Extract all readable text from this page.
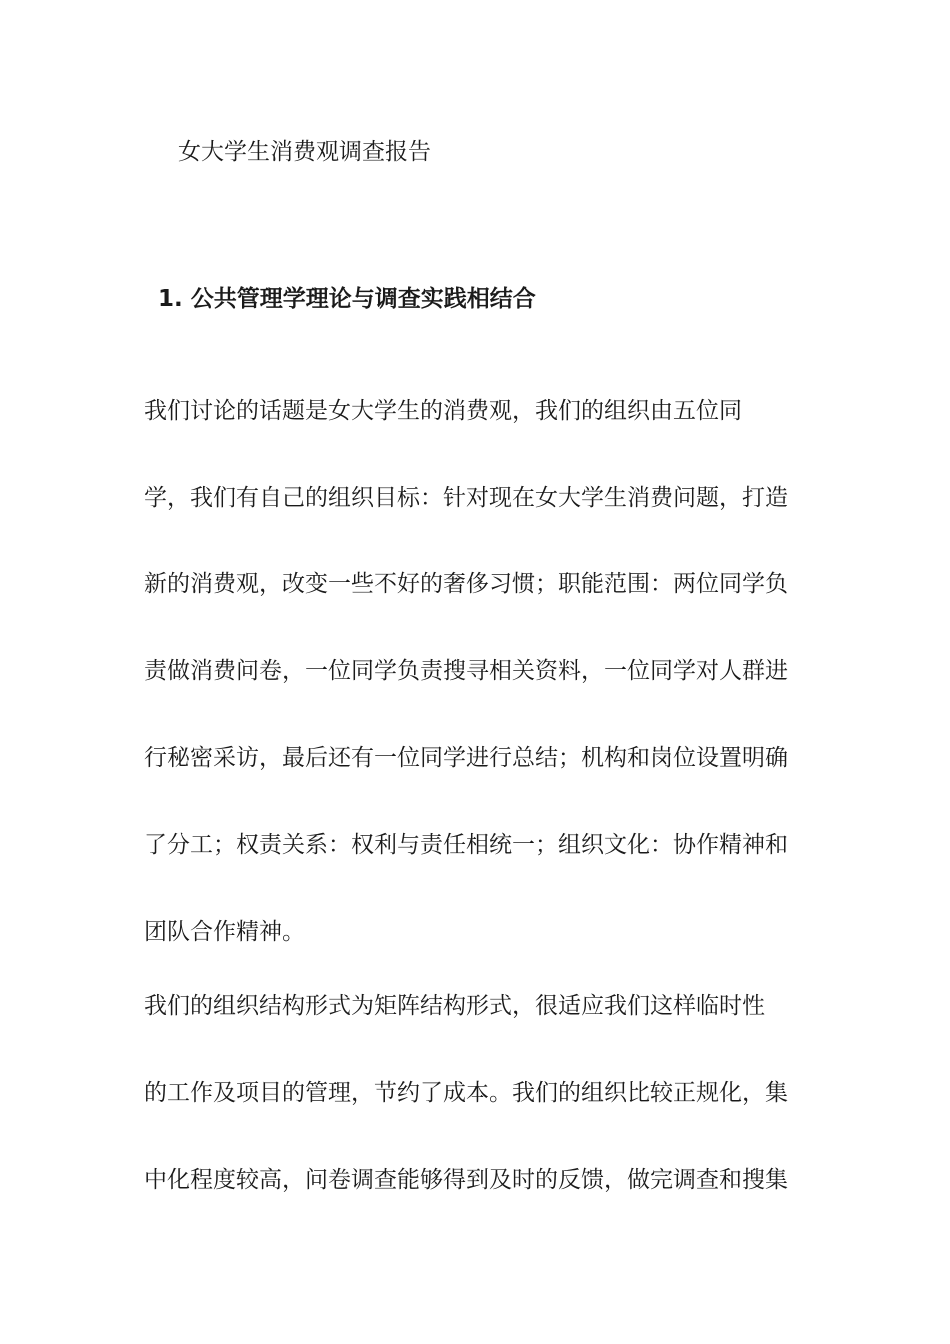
女大学生消费观调查报告
1. 公共管理学理论与调查实践相结合
我们讨论的话题是女大学生的消费观，我们的组织由五位同
学，我们有自己的组织目标：针对现在女大学生消费问题，打造
新的消费观，改变一些不好的奢侈习惯；职能范围：两位同学负
责做消费问卷，一位同学负责搜寻相关资料，一位同学对人群进
行秘密采访，最后还有一位同学进行总结；机构和岗位设置明确
了分工；权责关系：权利与责任相统一；组织文化：协作精神和
团队合作精神。
我们的组织结构形式为矩阵结构形式，很适应我们这样临时性
的工作及项目的管理，节约了成本。我们的组织比较正规化，集
中化程度较高，问卷调查能够得到及时的反馈，做完调查和搜集
